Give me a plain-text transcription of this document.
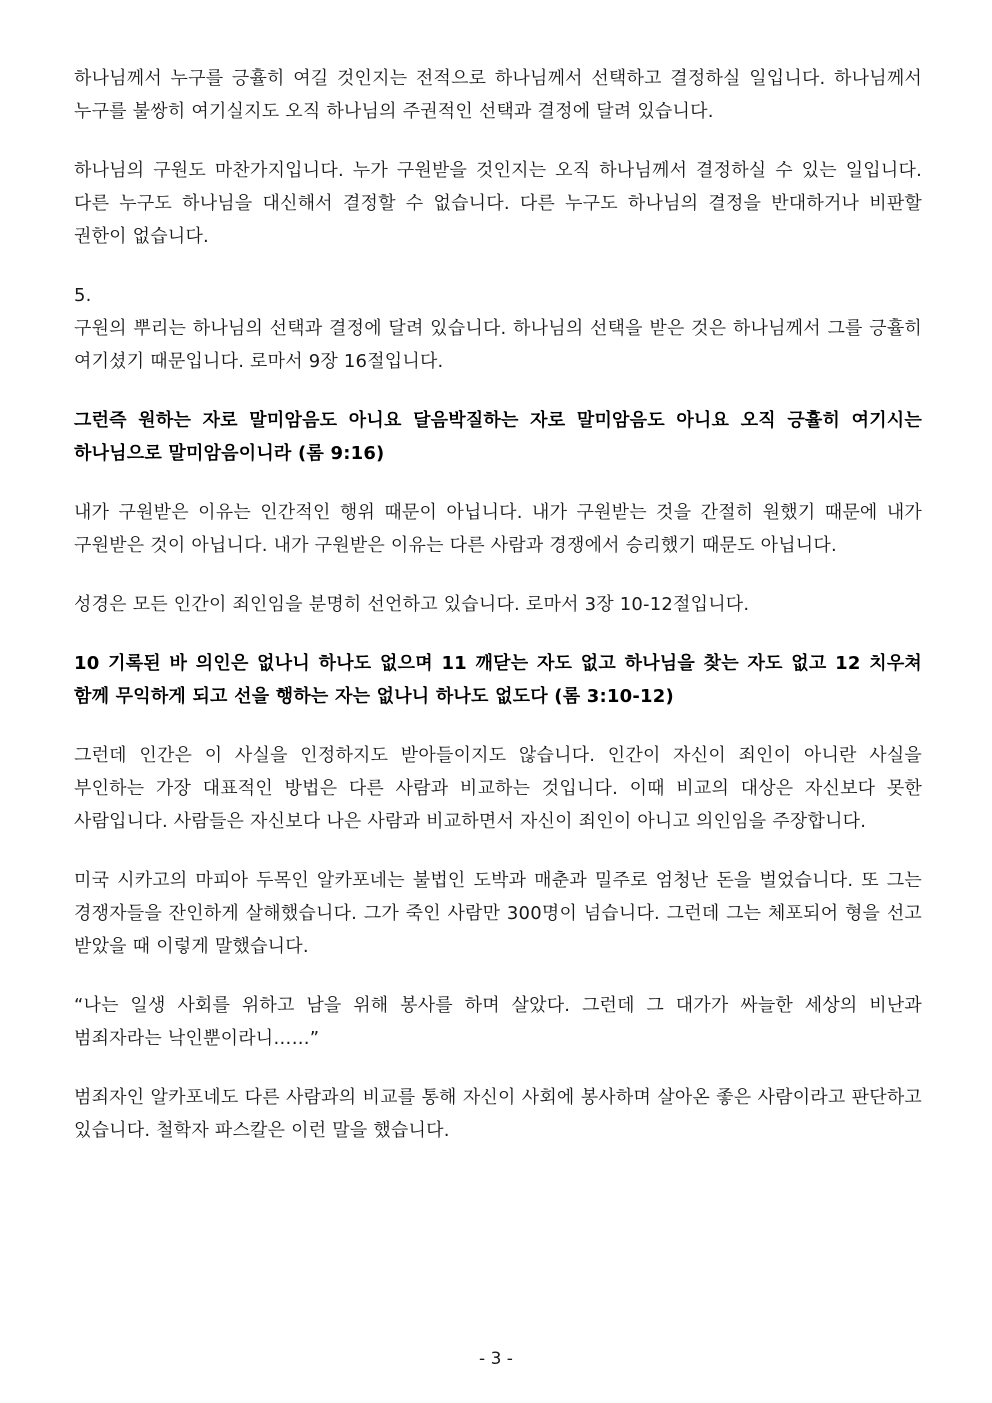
하나님께서 누구를 긍휼히 여길 것인지는 전적으로 하나님께서 선택하고 결정하실 일입니다. 하나님께서 누구를 불쌍히 여기실지도 오직 하나님의 주권적인 선택과 결정에 달려 있습니다.

하나님의 구원도 마찬가지입니다. 누가 구원받을 것인지는 오직 하나님께서 결정하실 수 있는 일입니다. 다른 누구도 하나님을 대신해서 결정할 수 없습니다. 다른 누구도 하나님의 결정을 반대하거나 비판할 권한이 없습니다.

5.

구원의 뿌리는 하나님의 선택과 결정에 달려 있습니다. 하나님의 선택을 받은 것은 하나님께서 그를 긍휼히 여기셨기 때문입니다. 로마서 9장 16절입니다.

그런즉 원하는 자로 말미암음도 아니요 달음박질하는 자로 말미암음도 아니요 오직 긍휼히 여기시는 하나님으로 말미암음이니라 (롬 9:16)

내가 구원받은 이유는 인간적인 행위 때문이 아닙니다. 내가 구원받는 것을 간절히 원했기 때문에 내가 구원받은 것이 아닙니다. 내가 구원받은 이유는 다른 사람과 경쟁에서 승리했기 때문도 아닙니다.

성경은 모든 인간이 죄인임을 분명히 선언하고 있습니다. 로마서 3장 10-12절입니다.

10 기록된 바 의인은 없나니 하나도 없으며 11 깨닫는 자도 없고 하나님을 찾는 자도 없고 12 치우쳐 함께 무익하게 되고 선을 행하는 자는 없나니 하나도 없도다 (롬 3:10-12)

그런데 인간은 이 사실을 인정하지도 받아들이지도 않습니다. 인간이 자신이 죄인이 아니란 사실을 부인하는 가장 대표적인 방법은 다른 사람과 비교하는 것입니다. 이때 비교의 대상은 자신보다 못한 사람입니다. 사람들은 자신보다 나은 사람과 비교하면서 자신이 죄인이 아니고 의인임을 주장합니다.

미국 시카고의 마피아 두목인 알카포네는 불법인 도박과 매춘과 밀주로 엄청난 돈을 벌었습니다. 또 그는 경쟁자들을 잔인하게 살해했습니다. 그가 죽인 사람만 300명이 넘습니다. 그런데 그는 체포되어 형을 선고 받았을 때 이렇게 말했습니다.

“나는 일생 사회를 위하고 남을 위해 봉사를 하며 살았다. 그런데 그 대가가 싸늘한 세상의 비난과 범죄자라는 낙인뿐이라니……”

범죄자인 알카포네도 다른 사람과의 비교를 통해 자신이 사회에 봉사하며 살아온 좋은 사람이라고 판단하고 있습니다. 철학자 파스칼은 이런 말을 했습니다.

- 3 -
